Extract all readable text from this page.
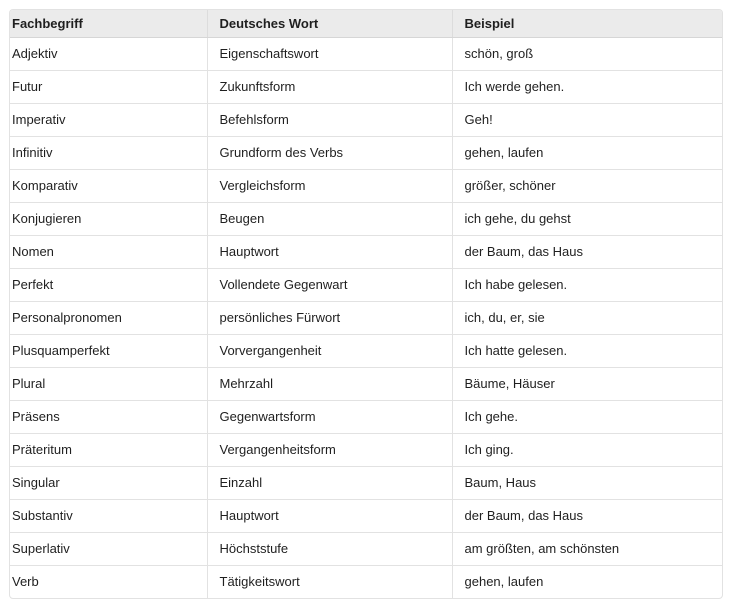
Fachbegriff	Deutsches Wort	Beispiel
Adjektiv	Eigenschaftswort	schön, groß
Futur	Zukunftsform	Ich werde gehen.
Imperativ	Befehlsform	Geh!
Infinitiv	Grundform des Verbs	gehen, laufen
Komparativ	Vergleichsform	größer, schöner
Konjugieren	Beugen	ich gehe, du gehst
Nomen	Hauptwort	der Baum, das Haus
Perfekt	Vollendete Gegenwart	Ich habe gelesen.
Personalpronomen	persönliches Fürwort	ich, du, er, sie
Plusquamperfekt	Vorvergangenheit	Ich hatte gelesen.
Plural	Mehrzahl	Bäume, Häuser
Präsens	Gegenwartsform	Ich gehe.
Präteritum	Vergangenheitsform	Ich ging.
Singular	Einzahl	Baum, Haus
Substantiv	Hauptwort	der Baum, das Haus
Superlativ	Höchststufe	am größten, am schönsten
Verb	Tätigkeitswort	gehen, laufen
